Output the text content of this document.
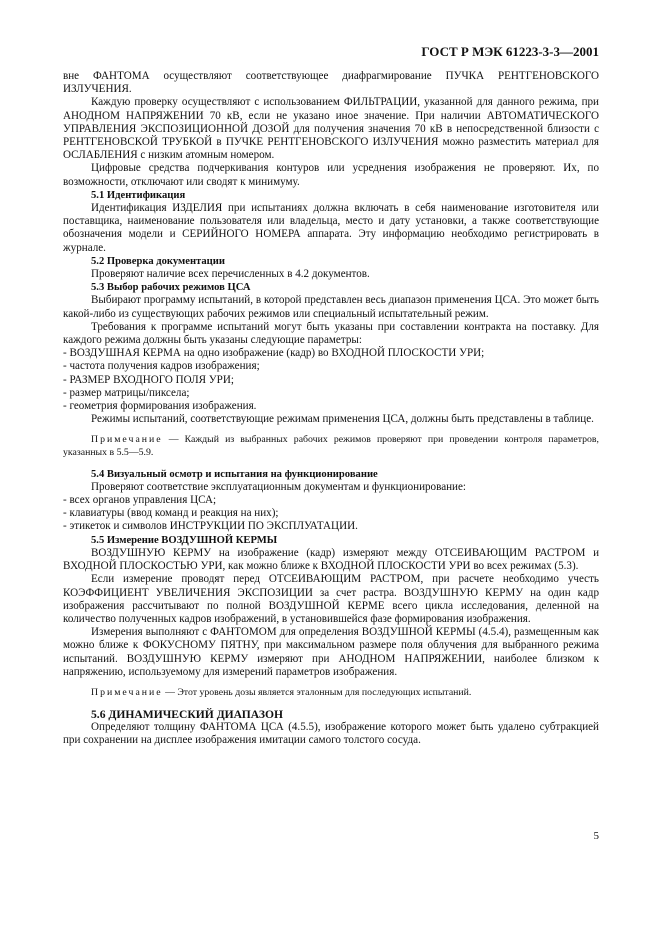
ГОСТ Р МЭК 61223-3-3—2001

вне ФАНТОМА осуществляют соответствующее диафрагмирование ПУЧКА РЕНТГЕНОВСКОГО ИЗЛУЧЕНИЯ.

Каждую проверку осуществляют с использованием ФИЛЬТРАЦИИ, указанной для данного режима, при АНОДНОМ НАПРЯЖЕНИИ 70 кВ, если не указано иное значение. При наличии АВТОМАТИЧЕСКОГО УПРАВЛЕНИЯ ЭКСПОЗИЦИОННОЙ ДОЗОЙ для получения значения 70 кВ в непосредственной близости с РЕНТГЕНОВСКОЙ ТРУБКОЙ в ПУЧКЕ РЕНТГЕНОВСКОГО ИЗЛУЧЕНИЯ можно разместить материал для ОСЛАБЛЕНИЯ с низким атомным номером.

Цифровые средства подчеркивания контуров или усреднения изображения не проверяют. Их, по возможности, отключают или сводят к минимуму.

5.1 Идентификация

Идентификация ИЗДЕЛИЯ при испытаниях должна включать в себя наименование изготовителя или поставщика, наименование пользователя или владельца, место и дату установки, а также соответствующие обозначения модели и СЕРИЙНОГО НОМЕРА аппарата. Эту информацию необходимо регистрировать в журнале.

5.2 Проверка документации

Проверяют наличие всех перечисленных в 4.2 документов.

5.3 Выбор рабочих режимов ЦСА

Выбирают программу испытаний, в которой представлен весь диапазон применения ЦСА. Это может быть какой-либо из существующих рабочих режимов или специальный испытательный режим.

Требования к программе испытаний могут быть указаны при составлении контракта на поставку. Для каждого режима должны быть указаны следующие параметры:

- ВОЗДУШНАЯ КЕРМА на одно изображение (кадр) во ВХОДНОЙ ПЛОСКОСТИ УРИ;

- частота получения кадров изображения;

- РАЗМЕР ВХОДНОГО ПОЛЯ УРИ;

- размер матрицы/пиксела;

- геометрия формирования изображения.

Режимы испытаний, соответствующие режимам применения ЦСА, должны быть представлены в таблице.

Примечание — Каждый из выбранных рабочих режимов проверяют при проведении контроля параметров, указанных в 5.5—5.9.

5.4 Визуальный осмотр и испытания на функционирование

Проверяют соответствие эксплуатационным документам и функционирование:

- всех органов управления ЦСА;

- клавиатуры (ввод команд и реакция на них);

- этикеток и символов ИНСТРУКЦИИ ПО ЭКСПЛУАТАЦИИ.

5.5 Измерение ВОЗДУШНОЙ КЕРМЫ

ВОЗДУШНУЮ КЕРМУ на изображение (кадр) измеряют между ОТСЕИВАЮЩИМ РАСТРОМ и ВХОДНОЙ ПЛОСКОСТЬЮ УРИ, как можно ближе к ВХОДНОЙ ПЛОСКОСТИ УРИ во всех режимах (5.3).

Если измерение проводят перед ОТСЕИВАЮЩИМ РАСТРОМ, при расчете необходимо учесть КОЭФФИЦИЕНТ УВЕЛИЧЕНИЯ ЭКСПОЗИЦИИ за счет растра. ВОЗДУШНУЮ КЕРМУ на один кадр изображения рассчитывают по полной ВОЗДУШНОЙ КЕРМЕ всего цикла исследования, деленной на количество полученных кадров изображений, в установившейся фазе формирования изображения.

Измерения выполняют с ФАНТОМОМ для определения ВОЗДУШНОЙ КЕРМЫ (4.5.4), размещенным как можно ближе к ФОКУСНОМУ ПЯТНУ, при максимальном размере поля облучения для выбранного режима испытаний. ВОЗДУШНУЮ КЕРМУ измеряют при АНОДНОМ НАПРЯЖЕНИИ, наиболее близком к напряжению, используемому для измерений параметров изображения.

Примечание — Этот уровень дозы является эталонным для последующих испытаний.

5.6 ДИНАМИЧЕСКИЙ ДИАПАЗОН

Определяют толщину ФАНТОМА ЦСА (4.5.5), изображение которого может быть удалено субтракцией при сохранении на дисплее изображения имитации самого толстого сосуда.

5
